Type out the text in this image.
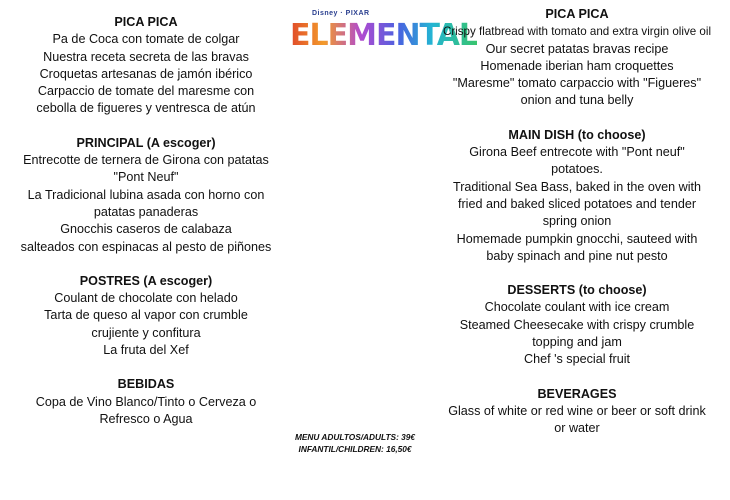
PICA PICA
Pa de Coca con tomate de colgar
Nuestra receta secreta de las bravas
Croquetas artesanas de jamón ibérico
Carpaccio de tomate del maresme con
cebolla de figueres y ventresca de atún
PRINCIPAL (A escoger)
Entrecotte de ternera de Girona con patatas
"Pont Neuf"
La Tradicional lubina asada con horno con
patatas panaderas
Gnocchis caseros de calabaza
salteados con espinacas al pesto de piñones
POSTRES (A escoger)
Coulant de chocolate con helado
Tarta de queso al vapor con crumble
crujiente y confitura
La fruta del Xef
BEBIDAS
Copa de Vino Blanco/Tinto o Cerveza o
Refresco o Agua
Disney · PIXAR
ELEMENTAL
PICA PICA
Crispy flatbread with tomato and extra virgin olive oil
Our secret patatas bravas recipe
Homenade iberian ham croquettes
"Maresme" tomato carpaccio with "Figueres"
onion and tuna belly
MAIN DISH (to choose)
Girona Beef entrecote with "Pont neuf"
potatoes.
Traditional Sea Bass, baked in the oven with
fried and baked sliced potatoes and tender
spring onion
Homemade pumpkin gnocchi, sauteed with
baby spinach and pine nut pesto
DESSERTS (to choose)
Chocolate coulant with ice cream
Steamed Cheesecake with crispy crumble
topping and jam
Chef 's special fruit
BEVERAGES
Glass of white or red wine or beer or soft drink
or water
MENU ADULTOS/ADULTS: 39€
INFANTIL/CHILDREN: 16,50€
